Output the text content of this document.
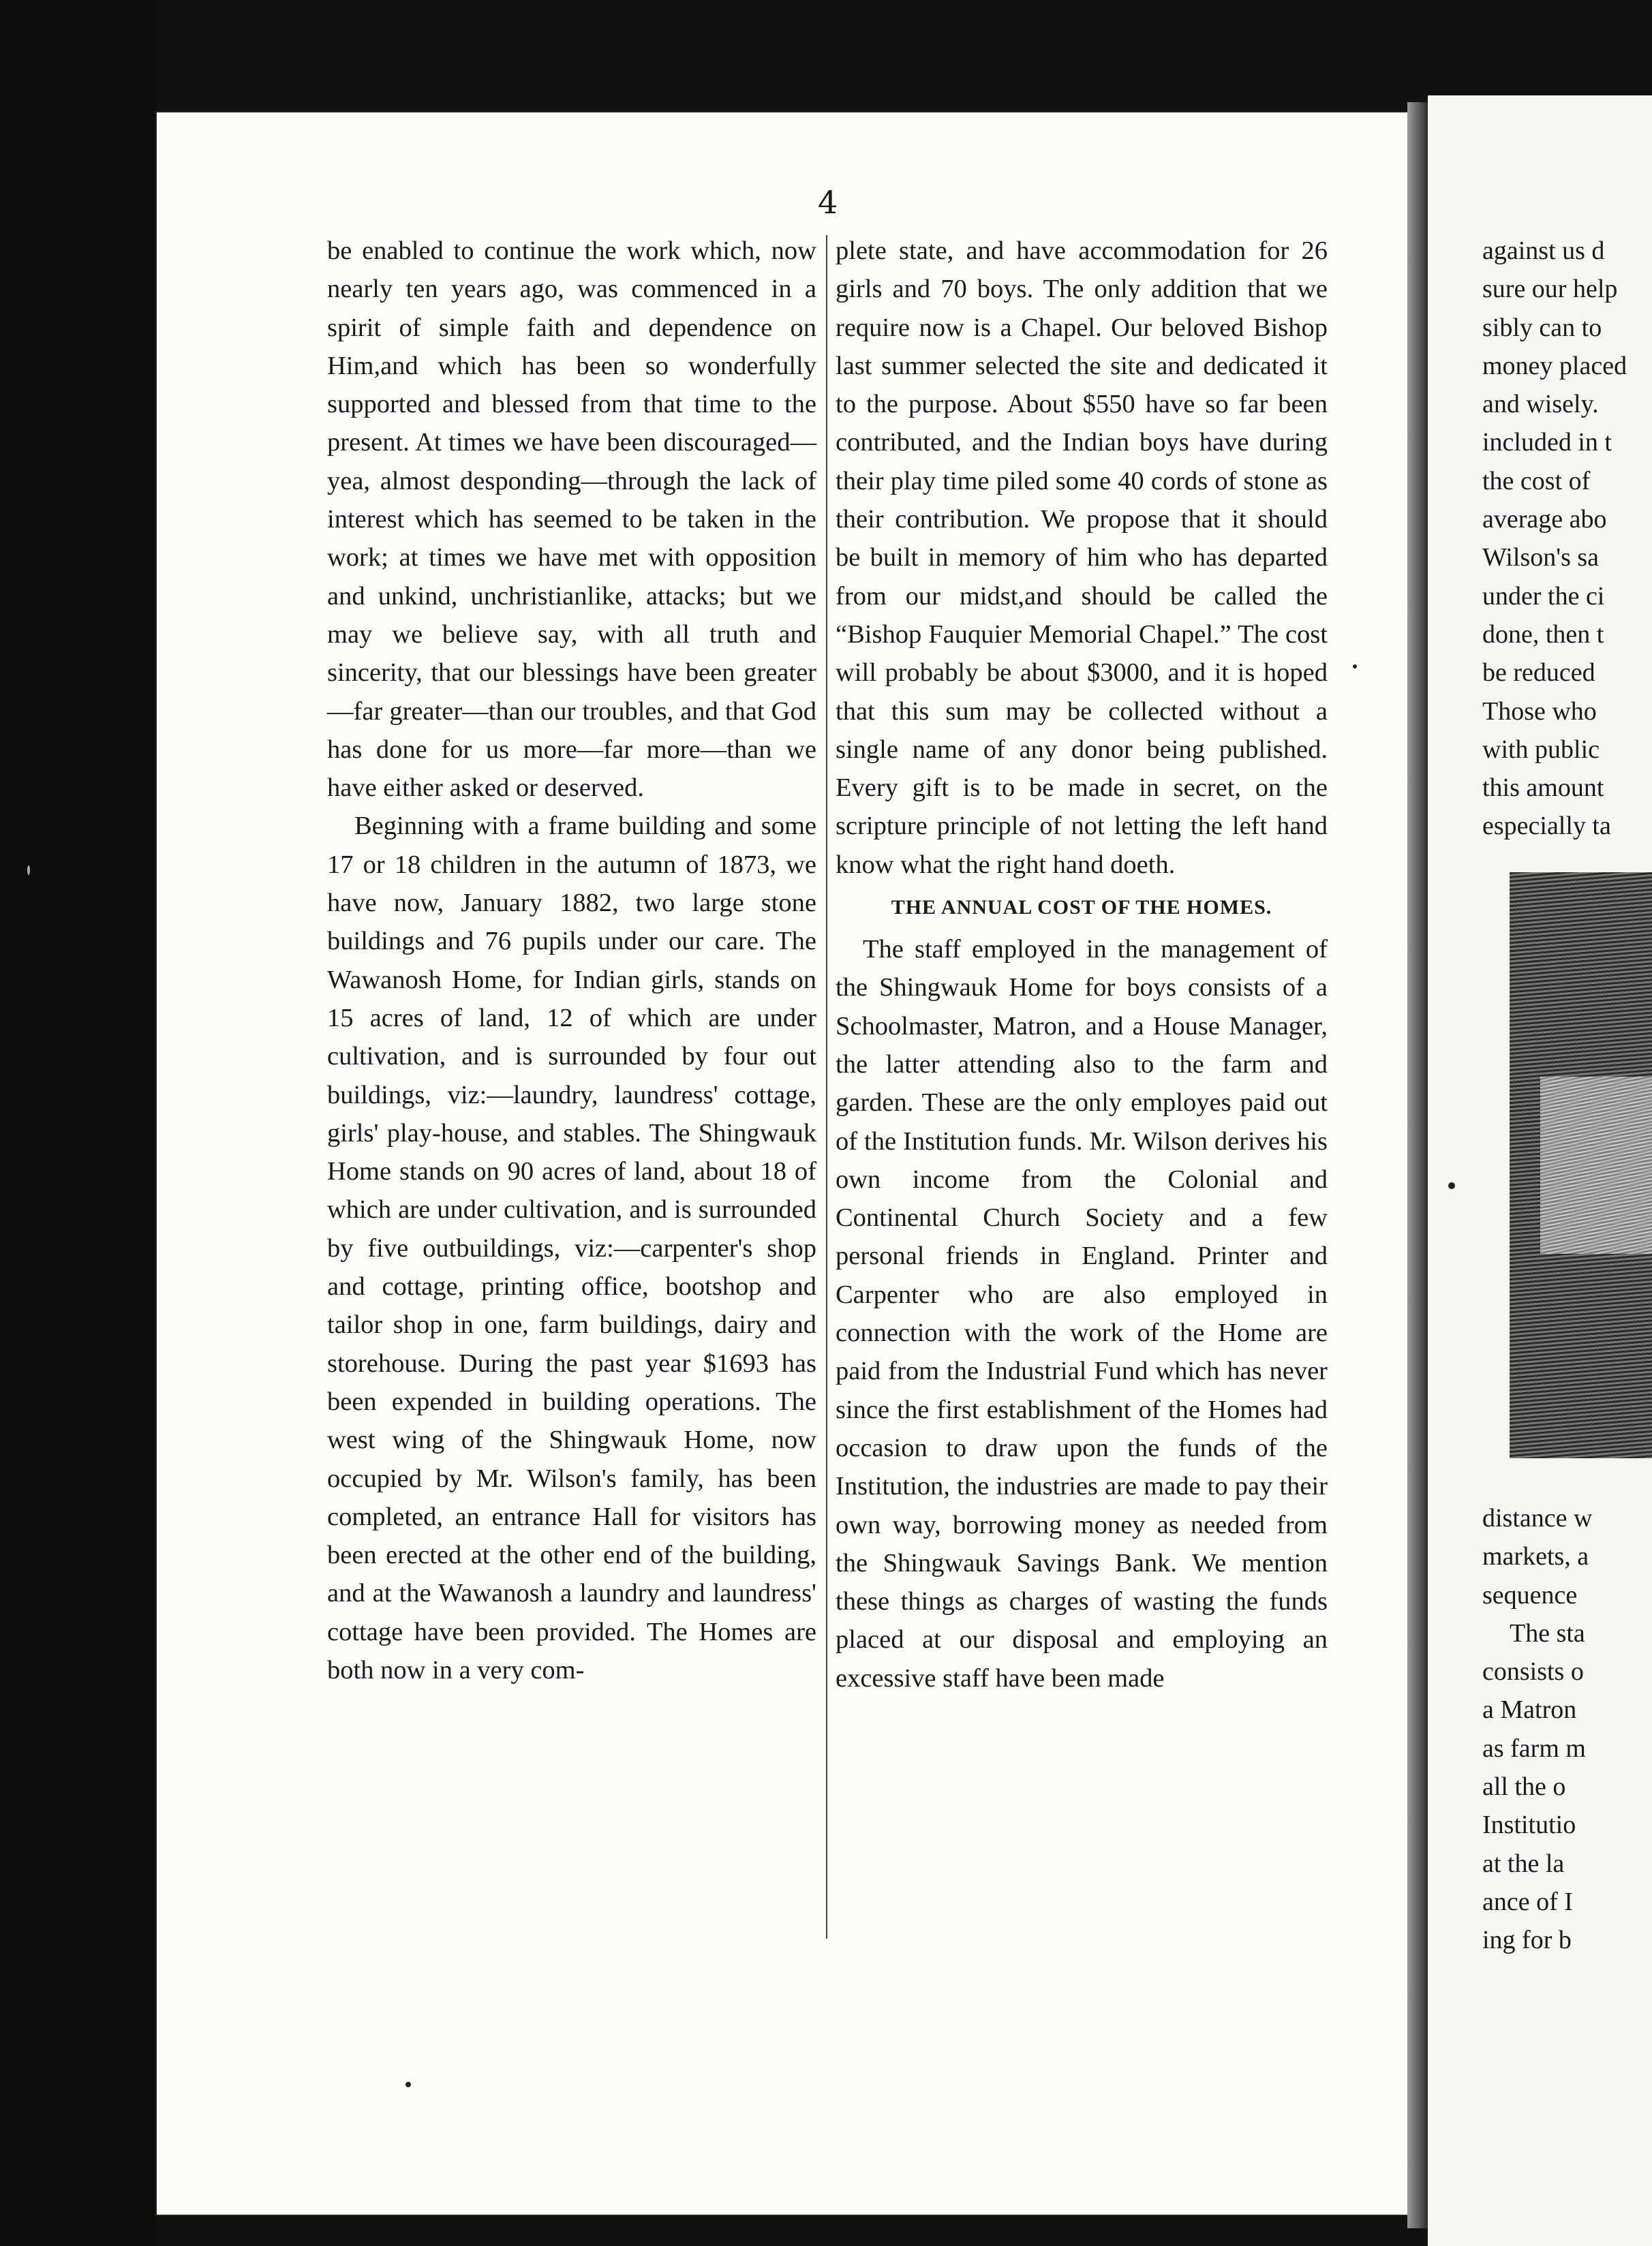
4

be enabled to continue the work which, now nearly ten years ago, was commenced in a spirit of simple faith and dependence on Him,and which has been so wonderfully supported and blessed from that time to the present. At times we have been discouraged—yea, almost desponding—through the lack of interest which has seemed to be taken in the work; at times we have met with opposition and unkind, unchristianlike, attacks; but we may we believe say, with all truth and sincerity, that our blessings have been greater—far greater—than our troubles, and that God has done for us more—far more—than we have either asked or deserved.

Beginning with a frame building and some 17 or 18 children in the autumn of 1873, we have now, January 1882, two large stone buildings and 76 pupils under our care. The Wawanosh Home, for Indian girls, stands on 15 acres of land, 12 of which are under cultivation, and is surrounded by four out buildings, viz:—laundry, laundress' cottage, girls' play-house, and stables. The Shingwauk Home stands on 90 acres of land, about 18 of which are under cultivation, and is surrounded by five outbuildings, viz:—carpenter's shop and cottage, printing office, bootshop and tailor shop in one, farm buildings, dairy and storehouse. During the past year $1693 has been expended in building operations. The west wing of the Shingwauk Home, now occupied by Mr. Wilson's family, has been completed, an entrance Hall for visitors has been erected at the other end of the building, and at the Wawanosh a laundry and laundress' cottage have been provided. The Homes are both now in a very com-

plete state, and have accommodation for 26 girls and 70 boys. The only addition that we require now is a Chapel. Our beloved Bishop last summer selected the site and dedicated it to the purpose. About $550 have so far been contributed, and the Indian boys have during their play time piled some 40 cords of stone as their contribution. We propose that it should be built in memory of him who has departed from our midst,and should be called the “Bishop Fauquier Memorial Chapel.” The cost will probably be about $3000, and it is hoped that this sum may be collected without a single name of any donor being published. Every gift is to be made in secret, on the scripture principle of not letting the left hand know what the right hand doeth.

THE ANNUAL COST OF THE HOMES.

The staff employed in the management of the Shingwauk Home for boys consists of a Schoolmaster, Matron, and a House Manager, the latter attending also to the farm and garden. These are the only employes paid out of the Institution funds. Mr. Wilson derives his own income from the Colonial and Continental Church Society and a few personal friends in England. Printer and Carpenter who are also employed in connection with the work of the Home are paid from the Industrial Fund which has never since the first establishment of the Homes had occasion to draw upon the funds of the Institution, the industries are made to pay their own way, borrowing money as needed from the Shingwauk Savings Bank. We mention these things as charges of wasting the funds placed at our disposal and employing an excessive staff have been made

against us d
sure our help
sibly can to
money placed
and wisely.
included in t
the cost of
average abo
Wilson's sa
under the ci
done, then t
be reduced
Those who
with public
this amount
especially ta
distance w
markets, a
sequence
The sta
consists o
a Matron
as farm m
all the o
Institutio
at the la
ance of I
ing for b
